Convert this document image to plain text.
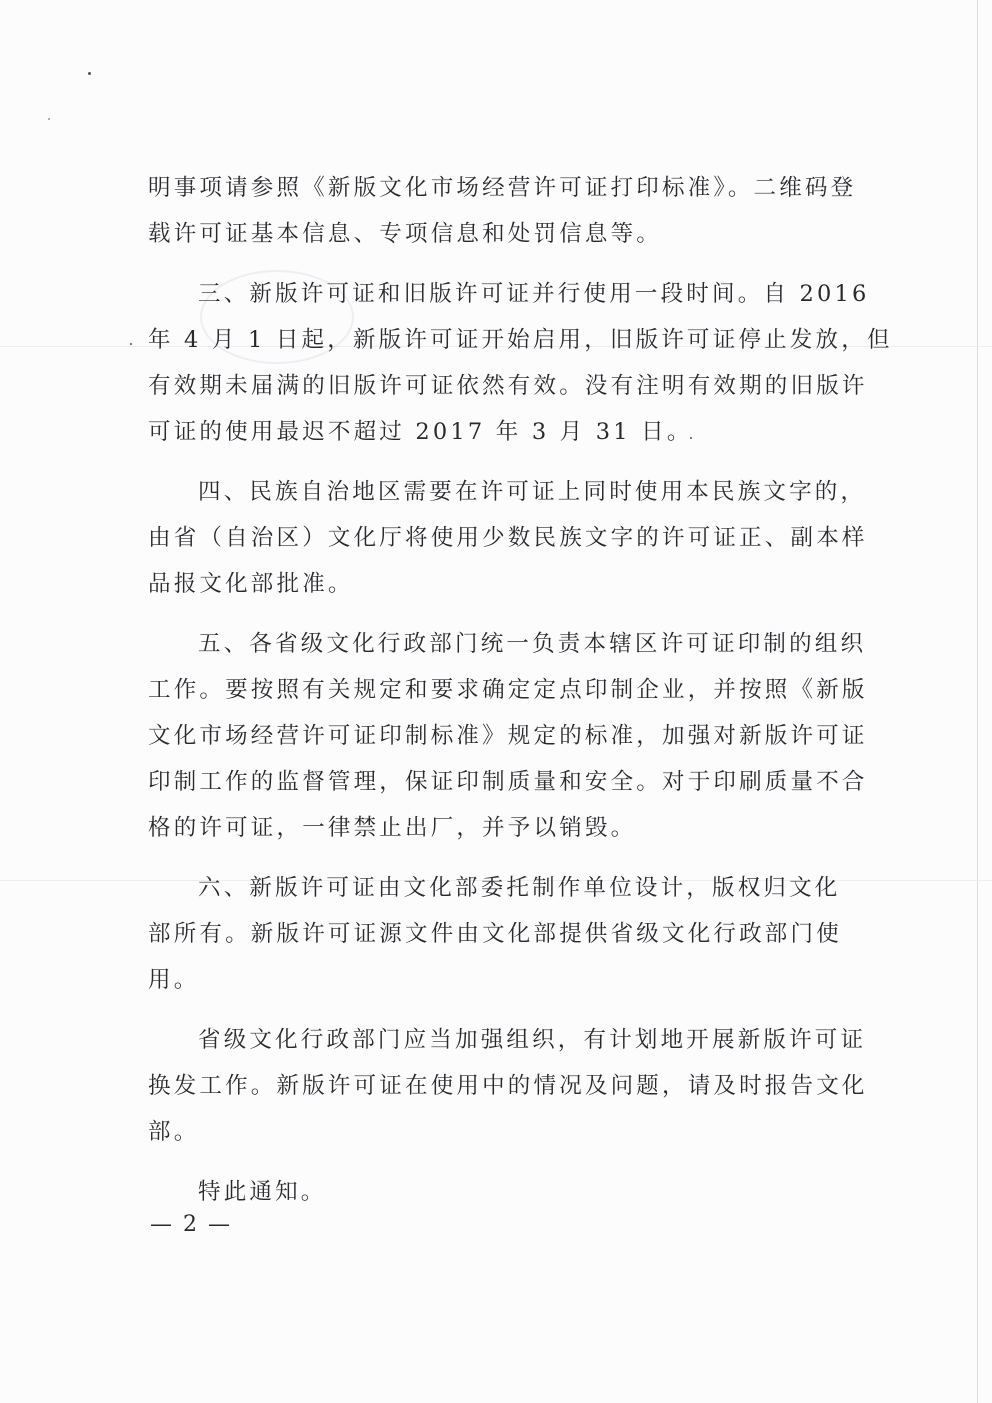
明事项请参照《新版文化市场经营许可证打印标准》。二维码登
载许可证基本信息、专项信息和处罚信息等。
三、新版许可证和旧版许可证并行使用一段时间。自 2016
年 4 月 1 日起，新版许可证开始启用，旧版许可证停止发放，但
有效期未届满的旧版许可证依然有效。没有注明有效期的旧版许
可证的使用最迟不超过 2017 年 3 月 31 日。
四、民族自治地区需要在许可证上同时使用本民族文字的，
由省（自治区）文化厅将使用少数民族文字的许可证正、副本样
品报文化部批准。
五、各省级文化行政部门统一负责本辖区许可证印制的组织
工作。要按照有关规定和要求确定定点印制企业，并按照《新版
文化市场经营许可证印制标准》规定的标准，加强对新版许可证
印制工作的监督管理，保证印制质量和安全。对于印刷质量不合
格的许可证，一律禁止出厂，并予以销毁。
六、新版许可证由文化部委托制作单位设计，版权归文化
部所有。新版许可证源文件由文化部提供省级文化行政部门使
用。
省级文化行政部门应当加强组织，有计划地开展新版许可证
换发工作。新版许可证在使用中的情况及问题，请及时报告文化
部。
特此通知。
— 2 —
